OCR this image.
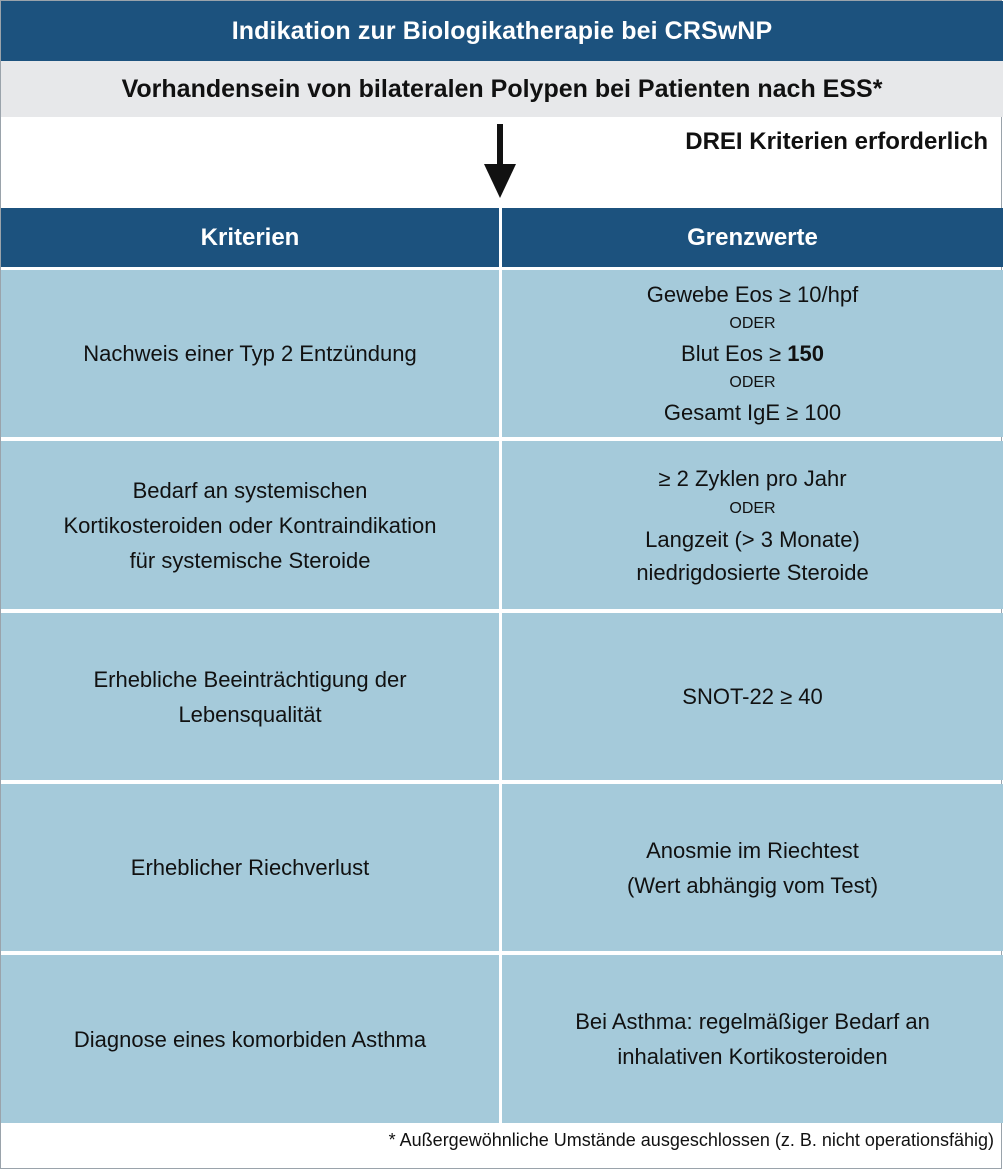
Indikation zur Biologikatherapie bei CRSwNP
Vorhandensein von bilateralen Polypen bei Patienten nach ESS*
DREI Kriterien erforderlich
Kriterien	Grenzwerte
Nachweis einer Typ 2 Entzündung
Gewebe Eos ≥ 10/hpf
ODER
Blut Eos ≥ 150
ODER
Gesamt IgE ≥ 100
Bedarf an systemischen
Kortikosteroiden oder Kontraindikation
für systemische Steroide
≥ 2 Zyklen pro Jahr
ODER
Langzeit (> 3 Monate)
niedrigdosierte Steroide
Erhebliche Beeinträchtigung der
Lebensqualität
SNOT-22 ≥ 40
Erheblicher Riechverlust
Anosmie im Riechtest
(Wert abhängig vom Test)
Diagnose eines komorbiden Asthma
Bei Asthma: regelmäßiger Bedarf an
inhalativen Kortikosteroiden
* Außergewöhnliche Umstände ausgeschlossen (z. B. nicht operationsfähig)
